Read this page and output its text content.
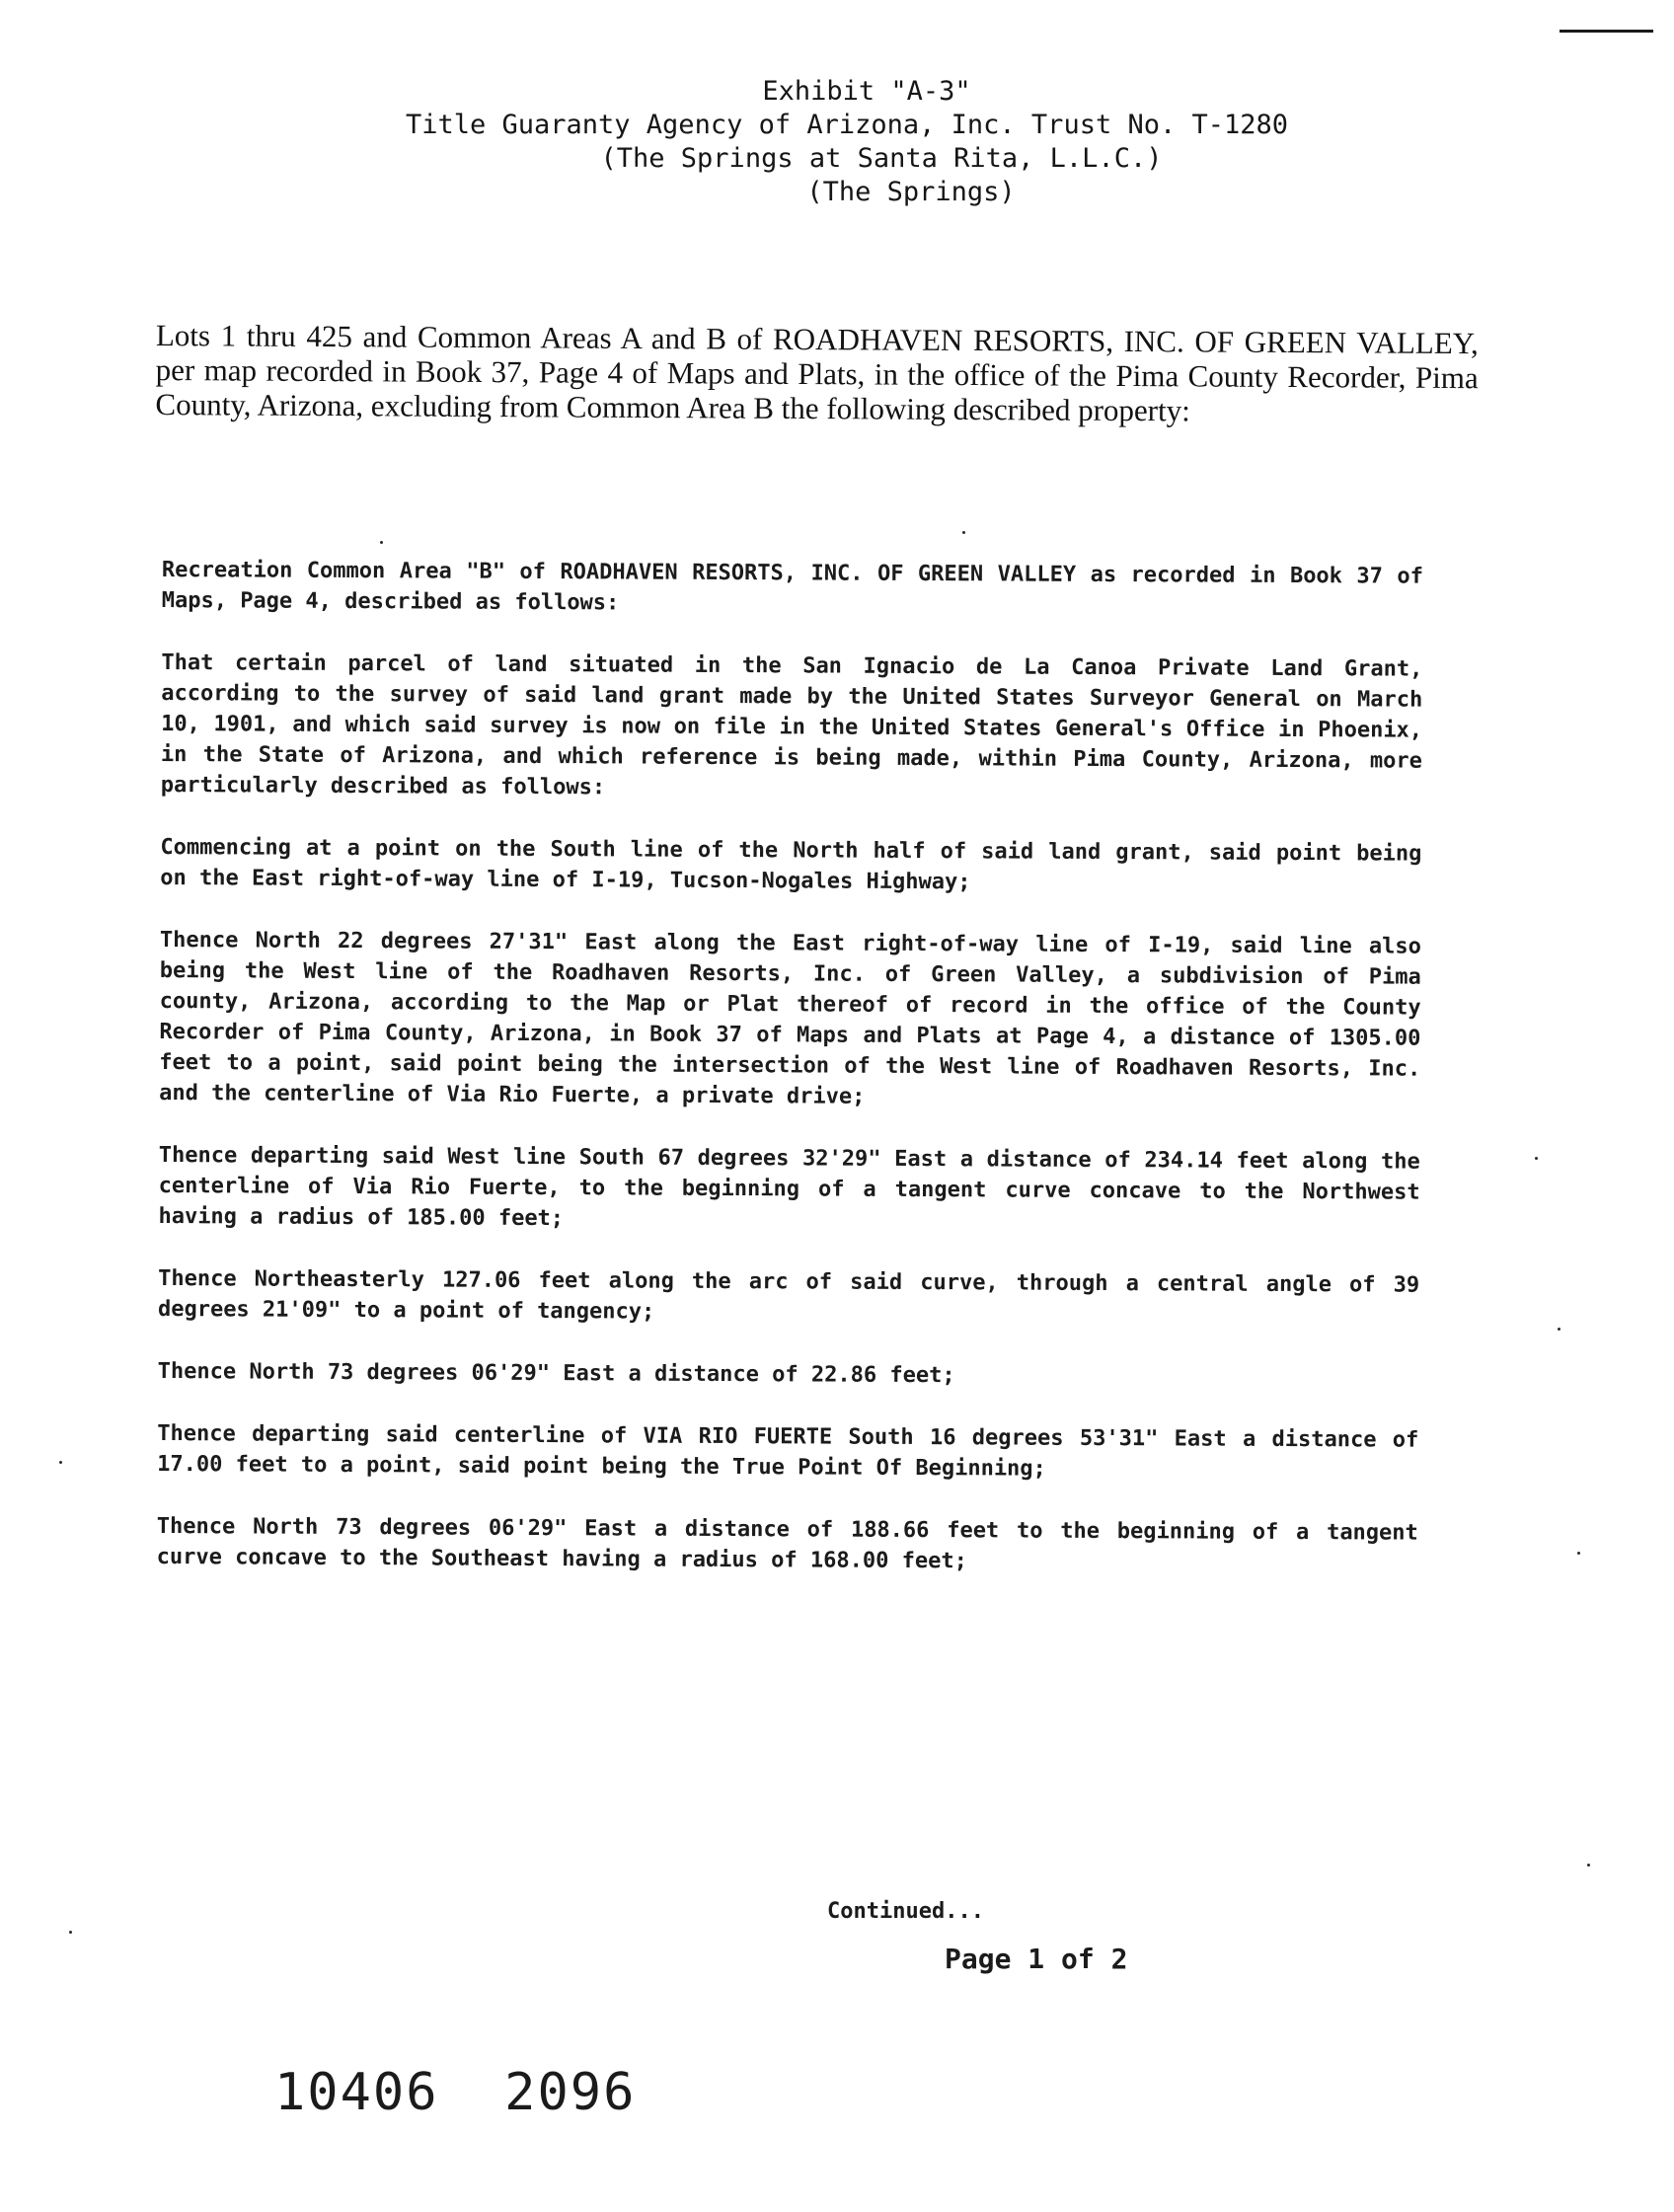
Exhibit "A-3"
Title Guaranty Agency of Arizona, Inc. Trust No. T-1280
(The Springs at Santa Rita, L.L.C.)
(The Springs)
Lots 1 thru 425 and Common Areas A and B of ROADHAVEN RESORTS, INC. OF GREEN VALLEY, per map recorded in Book 37, Page 4 of Maps and Plats, in the office of the Pima County Recorder, Pima County, Arizona, excluding from Common Area B the following described property:

Recreation Common Area "B" of ROADHAVEN RESORTS, INC. OF GREEN VALLEY as recorded in Book 37 of Maps, Page 4, described as follows:

That certain parcel of land situated in the San Ignacio de La Canoa Private Land Grant, according to the survey of said land grant made by the United States Surveyor General on March 10, 1901, and which said survey is now on file in the United States General's Office in Phoenix, in the State of Arizona, and which reference is being made, within Pima County, Arizona, more particularly described as follows:

Commencing at a point on the South line of the North half of said land grant, said point being on the East right-of-way line of I-19, Tucson-Nogales Highway;

Thence North 22 degrees 27'31" East along the East right-of-way line of I-19, said line also being the West line of the Roadhaven Resorts, Inc. of Green Valley, a subdivision of Pima county, Arizona, according to the Map or Plat thereof of record in the office of the County Recorder of Pima County, Arizona, in Book 37 of Maps and Plats at Page 4, a distance of 1305.00 feet to a point, said point being the intersection of the West line of Roadhaven Resorts, Inc. and the centerline of Via Rio Fuerte, a private drive;

Thence departing said West line South 67 degrees 32'29" East a distance of 234.14 feet along the centerline of Via Rio Fuerte, to the beginning of a tangent curve concave to the Northwest having a radius of 185.00 feet;

Thence Northeasterly 127.06 feet along the arc of said curve, through a central angle of 39 degrees 21'09" to a point of tangency;

Thence North 73 degrees 06'29" East a distance of 22.86 feet;

Thence departing said centerline of VIA RIO FUERTE South 16 degrees 53'31" East a distance of 17.00 feet to a point, said point being the True Point Of Beginning;

Thence North 73 degrees 06'29" East a distance of 188.66 feet to the beginning of a tangent curve concave to the Southeast having a radius of 168.00 feet;

Continued...
Page 1 of 2
10406  2096
